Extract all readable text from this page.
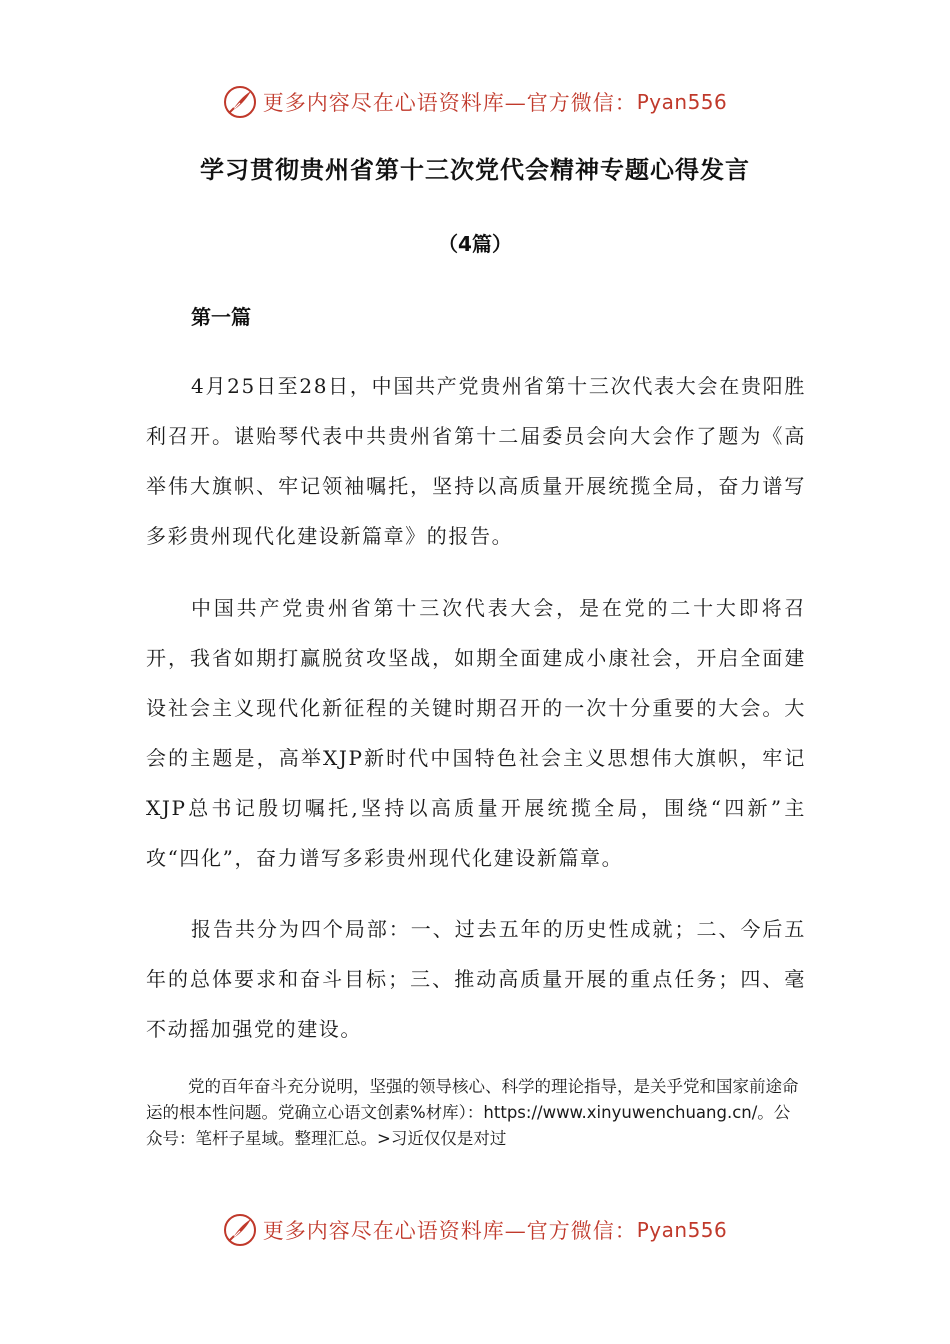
更多内容尽在心语资料库—官方微信： Pyan556
学习贯彻贵州省第十三次党代会精神专题心得发言
（4篇）
第一篇

4月25日至28日，中国共产党贵州省第十三次代表大会在贵阳胜利召开。谌贻琴代表中共贵州省第十二届委员会向大会作了题为《高举伟大旗帜、牢记领袖嘱托，坚持以高质量开展统揽全局，奋力谱写多彩贵州现代化建设新篇章》的报告。

中国共产党贵州省第十三次代表大会，是在党的二十大即将召开，我省如期打赢脱贫攻坚战，如期全面建成小康社会，开启全面建设社会主义现代化新征程的关键时期召开的一次十分重要的大会。大会的主题是，高举XJP新时代中国特色社会主义思想伟大旗帜，牢记XJP总书记殷切嘱托,坚持以高质量开展统揽全局，围绕“四新”主攻“四化”，奋力谱写多彩贵州现代化建设新篇章。

报告共分为四个局部：一、过去五年的历史性成就；二、今后五年的总体要求和奋斗目标；三、推动高质量开展的重点任务；四、毫不动摇加强党的建设。

党的百年奋斗充分说明，坚强的领导核心、科学的理论指导，是关乎党和国家前途命运的根本性问题。党确立心语文创素%材库）：https://www.xinyuwenchuang.cn/。公众号：笔杆子星域。整理汇总。>习近仅仅是对过

更多内容尽在心语资料库—官方微信： Pyan556
